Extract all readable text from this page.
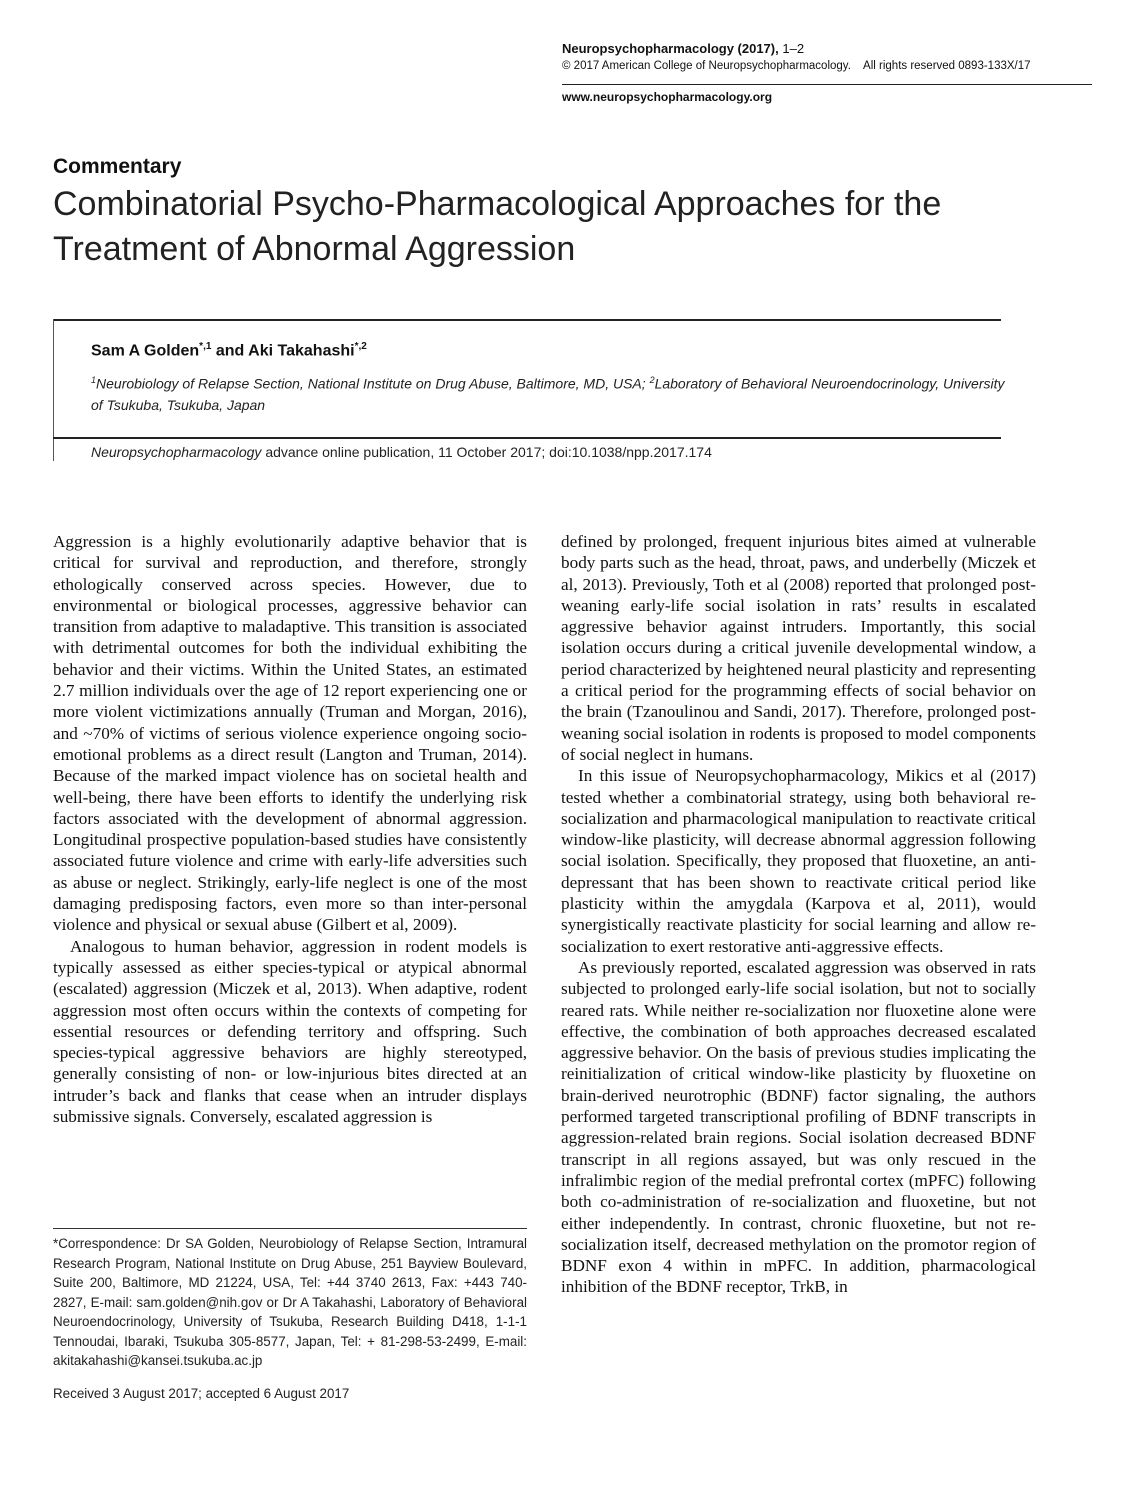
Neuropsychopharmacology (2017), 1–2
© 2017 American College of Neuropsychopharmacology.    All rights reserved 0893-133X/17
www.neuropsychopharmacology.org
Commentary
Combinatorial Psycho-Pharmacological Approaches for the
Treatment of Abnormal Aggression
Sam A Golden$^{*,1}$ and Aki Takahashi$^{*,2}$
$^1$Neurobiology of Relapse Section, National Institute on Drug Abuse, Baltimore, MD, USA; $^2$Laboratory of Behavioral Neuroendocrinology, University of Tsukuba, Tsukuba, Japan
Neuropsychopharmacology advance online publication, 11 October 2017; doi:10.1038/npp.2017.174

Aggression is a highly evolutionarily adaptive behavior that is critical for survival and reproduction, and therefore, strongly ethologically conserved across species. However, due to environmental or biological processes, aggressive behavior can transition from adaptive to maladaptive. This transition is associated with detrimental outcomes for both the individual exhibiting the behavior and their victims. Within the United States, an estimated 2.7 million individuals over the age of 12 report experiencing one or more violent victimizations annually (Truman and Morgan, 2016), and ~70% of victims of serious violence experience ongoing socio-emotional problems as a direct result (Langton and Truman, 2014). Because of the marked impact violence has on societal health and well-being, there have been efforts to identify the underlying risk factors associated with the development of abnormal aggression. Longitudinal prospective population-based studies have consistently associated future violence and crime with early-life adversities such as abuse or neglect. Strikingly, early-life neglect is one of the most damaging predisposing factors, even more so than inter-personal violence and physical or sexual abuse (Gilbert et al, 2009).

Analogous to human behavior, aggression in rodent models is typically assessed as either species-typical or atypical abnormal (escalated) aggression (Miczek et al, 2013). When adaptive, rodent aggression most often occurs within the contexts of competing for essential resources or defending territory and offspring. Such species-typical aggressive behaviors are highly stereotyped, generally consisting of non- or low-injurious bites directed at an intruder’s back and flanks that cease when an intruder displays submissive signals. Conversely, escalated aggression is

defined by prolonged, frequent injurious bites aimed at vulnerable body parts such as the head, throat, paws, and underbelly (Miczek et al, 2013). Previously, Toth et al (2008) reported that prolonged post-weaning early-life social isolation in rats’ results in escalated aggressive behavior against intruders. Importantly, this social isolation occurs during a critical juvenile developmental window, a period characterized by heightened neural plasticity and representing a critical period for the programming effects of social behavior on the brain (Tzanoulinou and Sandi, 2017). Therefore, prolonged post-weaning social isolation in rodents is proposed to model components of social neglect in humans.

In this issue of Neuropsychopharmacology, Mikics et al (2017) tested whether a combinatorial strategy, using both behavioral re-socialization and pharmacological manipulation to reactivate critical window-like plasticity, will decrease abnormal aggression following social isolation. Specifically, they proposed that fluoxetine, an anti-depressant that has been shown to reactivate critical period like plasticity within the amygdala (Karpova et al, 2011), would synergistically reactivate plasticity for social learning and allow re-socialization to exert restorative anti-aggressive effects.

As previously reported, escalated aggression was observed in rats subjected to prolonged early-life social isolation, but not to socially reared rats. While neither re-socialization nor fluoxetine alone were effective, the combination of both approaches decreased escalated aggressive behavior. On the basis of previous studies implicating the reinitialization of critical window-like plasticity by fluoxetine on brain-derived neurotrophic (BDNF) factor signaling, the authors performed targeted transcriptional profiling of BDNF transcripts in aggression-related brain regions. Social isolation decreased BDNF transcript in all regions assayed, but was only rescued in the infralimbic region of the medial prefrontal cortex (mPFC) following both co-administration of re-socialization and fluoxetine, but not either independently. In contrast, chronic fluoxetine, but not re-socialization itself, decreased methylation on the promotor region of BDNF exon 4 within in mPFC. In addition, pharmacological inhibition of the BDNF receptor, TrkB, in

*Correspondence: Dr SA Golden, Neurobiology of Relapse Section, Intramural Research Program, National Institute on Drug Abuse, 251 Bayview Boulevard, Suite 200, Baltimore, MD 21224, USA, Tel: +44 3740 2613, Fax: +443 740-2827, E-mail: sam.golden@nih.gov or Dr A Takahashi, Laboratory of Behavioral Neuroendocrinology, University of Tsukuba, Research Building D418, 1-1-1 Tennoudai, Ibaraki, Tsukuba 305-8577, Japan, Tel: + 81-298-53-2499, E-mail: akitakahashi@kansei.tsukuba.ac.jp
Received 3 August 2017; accepted 6 August 2017
